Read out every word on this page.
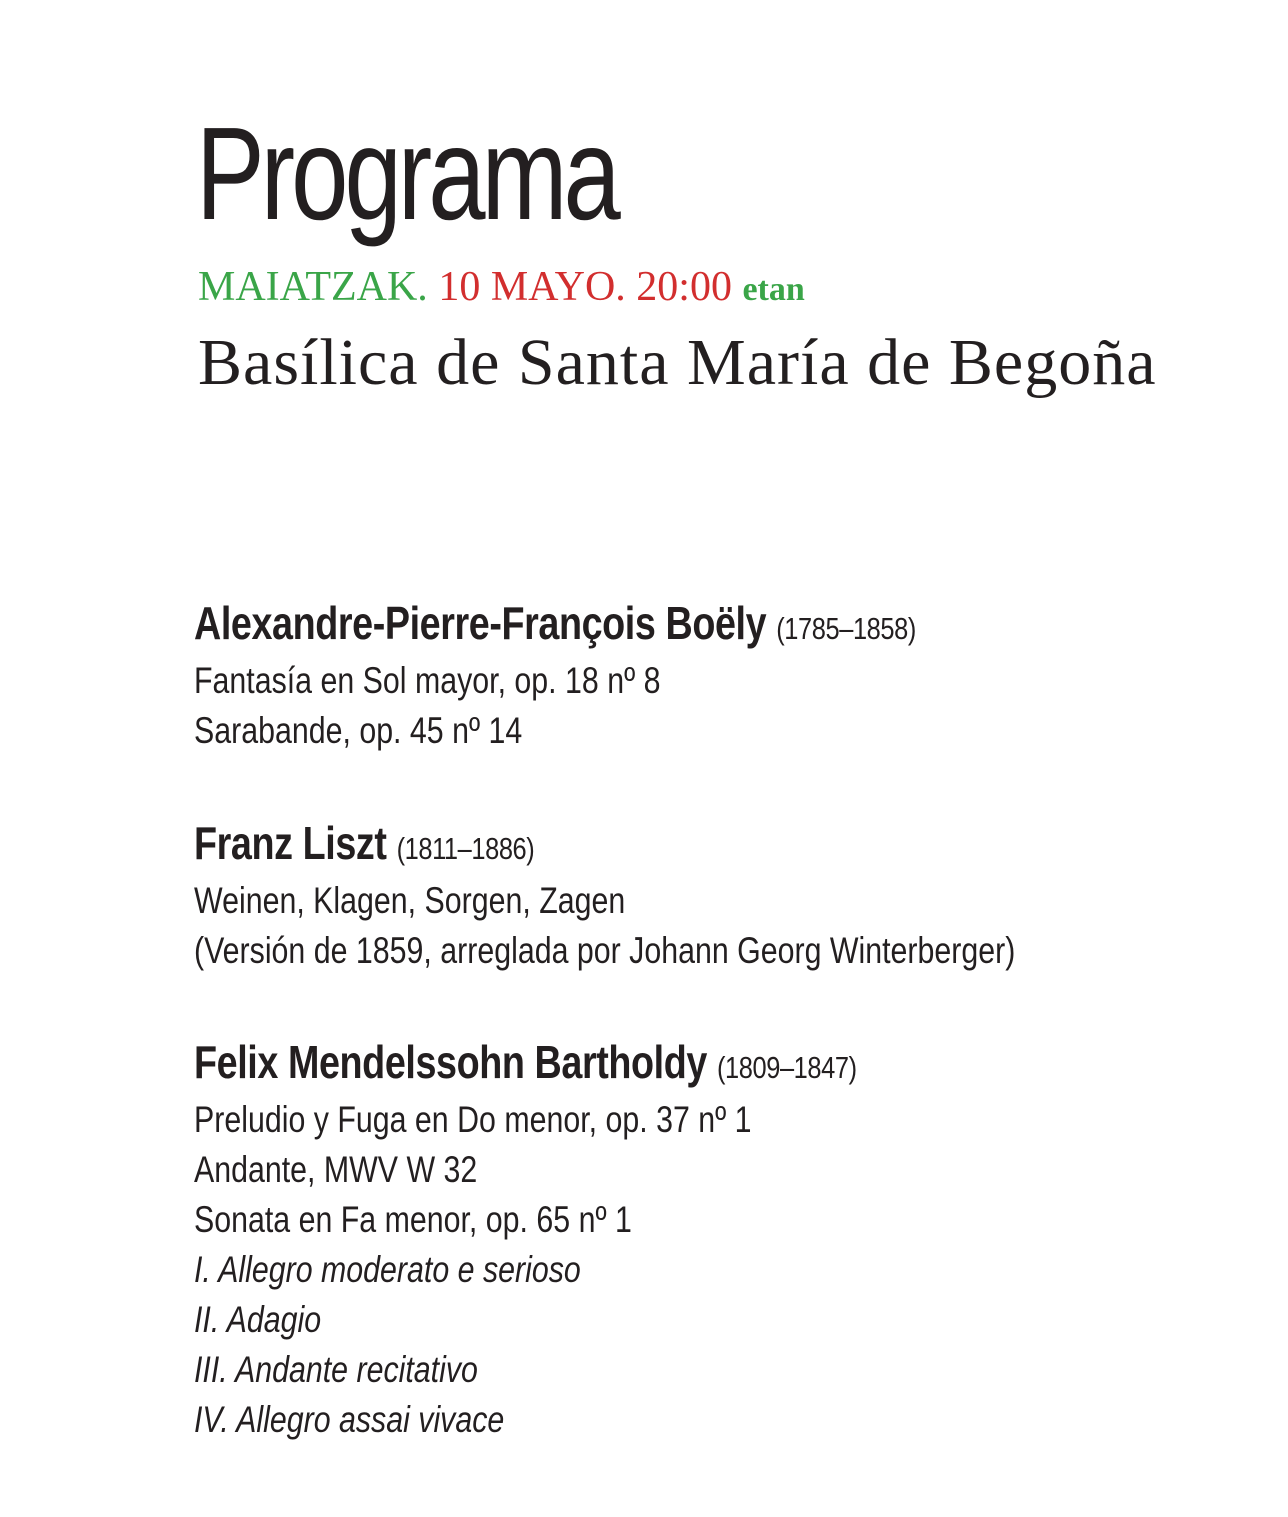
Programa
MAIATZAK. 10 MAYO. 20:00 etan
Basílica de Santa María de Begoña
Alexandre-Pierre-François Boëly (1785–1858)
Fantasía en Sol mayor, op. 18 nº 8
Sarabande, op. 45 nº 14
Franz Liszt (1811–1886)
Weinen, Klagen, Sorgen, Zagen
(Versión de 1859, arreglada por Johann Georg Winterberger)
Felix Mendelssohn Bartholdy (1809–1847)
Preludio y Fuga en Do menor, op. 37 nº 1
Andante, MWV W 32
Sonata en Fa menor, op. 65 nº 1
I. Allegro moderato e serioso
II. Adagio
III. Andante recitativo
IV. Allegro assai vivace
